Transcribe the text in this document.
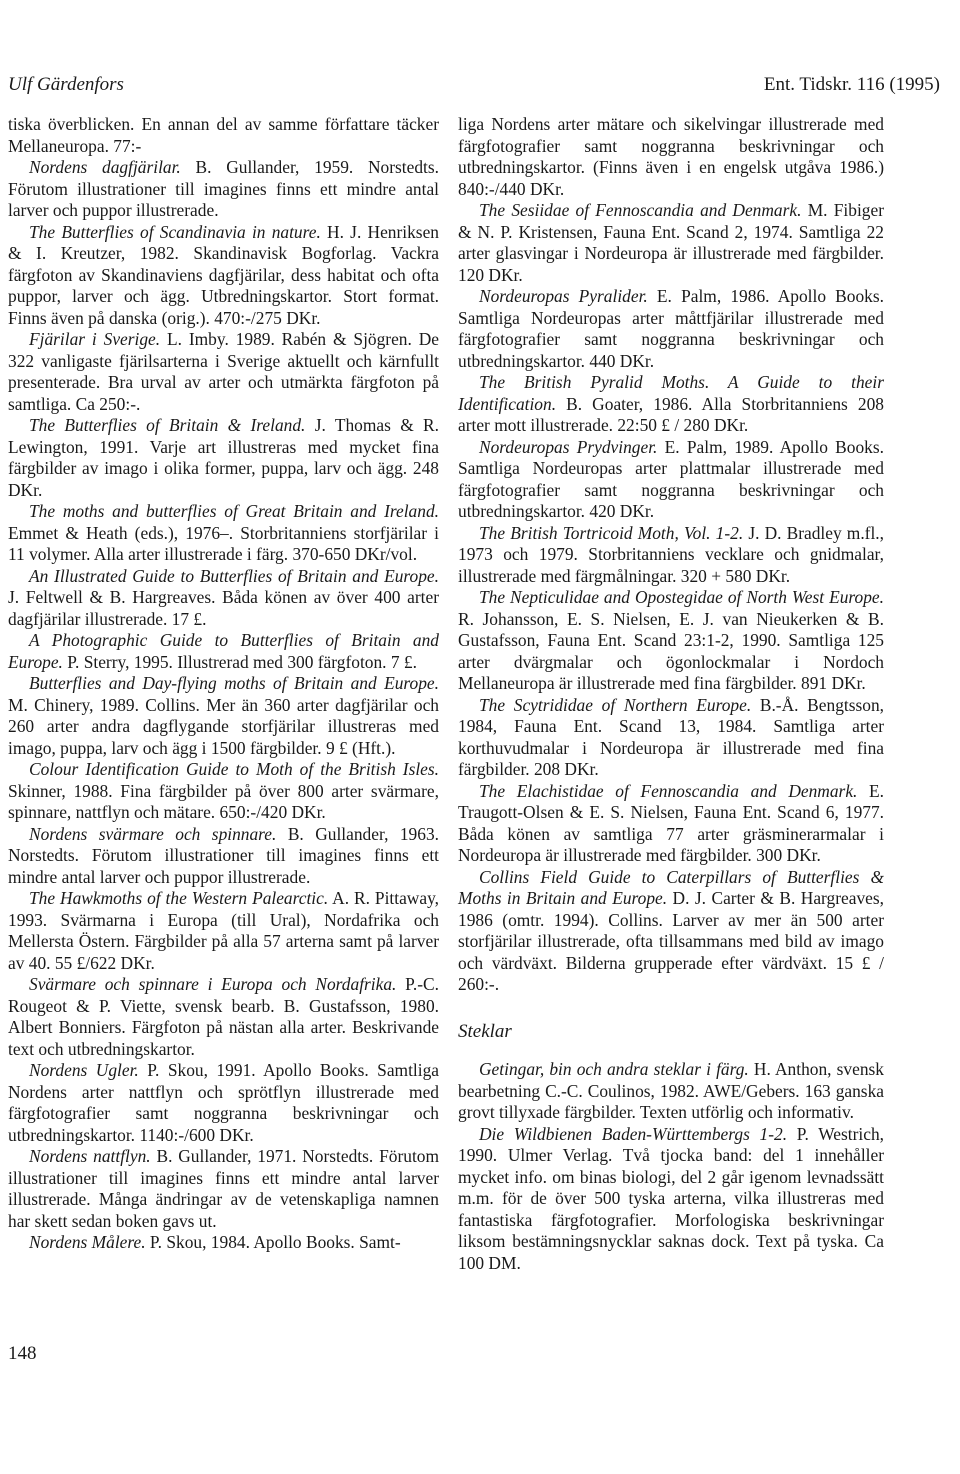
Ulf Gärdenfors	Ent. Tidskr. 116 (1995)

tiska överblicken. En annan del av samme författare täcker Mellaneuropa. 77:-

Nordens dagfjärilar. B. Gullander, 1959. Norstedts. Förutom illustrationer till imagines finns ett mindre antal larver och puppor illustrerade.

The Butterflies of Scandinavia in nature. H. J. Henriksen & I. Kreutzer, 1982. Skandinavisk Bogforlag. Vackra färgfoton av Skandinaviens dagfjärilar, dess habitat och ofta puppor, larver och ägg. Utbredningskartor. Stort format. Finns även på danska (orig.). 470:-/275 DKr.

Fjärilar i Sverige. L. Imby. 1989. Rabén & Sjögren. De 322 vanligaste fjärilsarterna i Sverige aktuellt och kärnfullt presenterade. Bra urval av arter och utmärkta färgfoton på samtliga. Ca 250:-.

The Butterflies of Britain & Ireland. J. Thomas & R. Lewington, 1991. Varje art illustreras med mycket fina färgbilder av imago i olika former, puppa, larv och ägg. 248 DKr.

The moths and butterflies of Great Britain and Ireland. Emmet & Heath (eds.), 1976–. Storbritanniens storfjärilar i 11 volymer. Alla arter illustrerade i färg. 370-650 DKr/vol.

An Illustrated Guide to Butterflies of Britain and Europe. J. Feltwell & B. Hargreaves. Båda könen av över 400 arter dagfjärilar illustrerade. 17 £.

A Photographic Guide to Butterflies of Britain and Europe. P. Sterry, 1995. Illustrerad med 300 färgfoton. 7 £.

Butterflies and Day-flying moths of Britain and Europe. M. Chinery, 1989. Collins. Mer än 360 arter dagfjärilar och 260 arter andra dagflygande storfjärilar illustreras med imago, puppa, larv och ägg i 1500 färgbilder. 9 £ (Hft.).

Colour Identification Guide to Moth of the British Isles. Skinner, 1988. Fina färgbilder på över 800 arter svärmare, spinnare, nattflyn och mätare. 650:-/420 DKr.

Nordens svärmare och spinnare. B. Gullander, 1963. Norstedts. Förutom illustrationer till imagines finns ett mindre antal larver och puppor illustrerade.

The Hawkmoths of the Western Palearctic. A. R. Pittaway, 1993. Svärmarna i Europa (till Ural), Nordafrika och Mellersta Östern. Färgbilder på alla 57 arterna samt på larver av 40. 55 £/622 DKr.

Svärmare och spinnare i Europa och Nordafrika. P.-C. Rougeot & P. Viette, svensk bearb. B. Gustafsson, 1980. Albert Bonniers. Färgfoton på nästan alla arter. Beskrivande text och utbredningskartor.

Nordens Ugler. P. Skou, 1991. Apollo Books. Samtliga Nordens arter nattflyn och sprötflyn illustrerade med färgfotografier samt noggranna beskrivningar och utbredningskartor. 1140:-/600 DKr.

Nordens nattflyn. B. Gullander, 1971. Norstedts. Förutom illustrationer till imagines finns ett mindre antal larver illustrerade. Många ändringar av de vetenskapliga namnen har skett sedan boken gavs ut.

Nordens Målere. P. Skou, 1984. Apollo Books. Samt-

liga Nordens arter mätare och sikelvingar illustrerade med färgfotografier samt noggranna beskrivningar och utbredningskartor. (Finns även i en engelsk utgåva 1986.) 840:-/440 DKr.

The Sesiidae of Fennoscandia and Denmark. M. Fibiger & N. P. Kristensen, Fauna Ent. Scand 2, 1974. Samtliga 22 arter glasvingar i Nordeuropa är illustrerade med färgbilder. 120 DKr.

Nordeuropas Pyralider. E. Palm, 1986. Apollo Books. Samtliga Nordeuropas arter måttfjärilar illustrerade med färgfotografier samt noggranna beskrivningar och utbredningskartor. 440 DKr.

The British Pyralid Moths. A Guide to their Identification. B. Goater, 1986. Alla Storbritanniens 208 arter mott illustrerade. 22:50 £ / 280 DKr.

Nordeuropas Prydvinger. E. Palm, 1989. Apollo Books. Samtliga Nordeuropas arter plattmalar illustrerade med färgfotografier samt noggranna beskrivningar och utbredningskartor. 420 DKr.

The British Tortricoid Moth, Vol. 1-2. J. D. Bradley m.fl., 1973 och 1979. Storbritanniens vecklare och gnidmalar, illustrerade med färgmålningar. 320 + 580 DKr.

The Nepticulidae and Opostegidae of North West Europe. R. Johansson, E. S. Nielsen, E. J. van Nieukerken & B. Gustafsson, Fauna Ent. Scand 23:1-2, 1990. Samtliga 125 arter dvärgmalar och ögonlockmalar i Nordoch Mellaneuropa är illustrerade med fina färgbilder. 891 DKr.

The Scytrididae of Northern Europe. B.-Å. Bengtsson, 1984, Fauna Ent. Scand 13, 1984. Samtliga arter korthuvudmalar i Nordeuropa är illustrerade med fina färgbilder. 208 DKr.

The Elachistidae of Fennoscandia and Denmark. E. Traugott-Olsen & E. S. Nielsen, Fauna Ent. Scand 6, 1977. Båda könen av samtliga 77 arter gräsminerarmalar i Nordeuropa är illustrerade med färgbilder. 300 DKr.

Collins Field Guide to Caterpillars of Butterflies & Moths in Britain and Europe. D. J. Carter & B. Hargreaves, 1986 (omtr. 1994). Collins. Larver av mer än 500 arter storfjärilar illustrerade, ofta tillsammans med bild av imago och värdväxt. Bilderna grupperade efter värdväxt. 15 £ / 260:-.

Steklar

Getingar, bin och andra steklar i färg. H. Anthon, svensk bearbetning C.-C. Coulinos, 1982. AWE/Gebers. 163 ganska grovt tillyxade färgbilder. Texten utförlig och informativ.

Die Wildbienen Baden-Württembergs 1-2. P. Westrich, 1990. Ulmer Verlag. Två tjocka band: del 1 innehåller mycket info. om binas biologi, del 2 går igenom levnadssätt m.m. för de över 500 tyska arterna, vilka illustreras med fantastiska färgfotografier. Morfologiska beskrivningar liksom bestämningsnycklar saknas dock. Text på tyska. Ca 100 DM.

148
